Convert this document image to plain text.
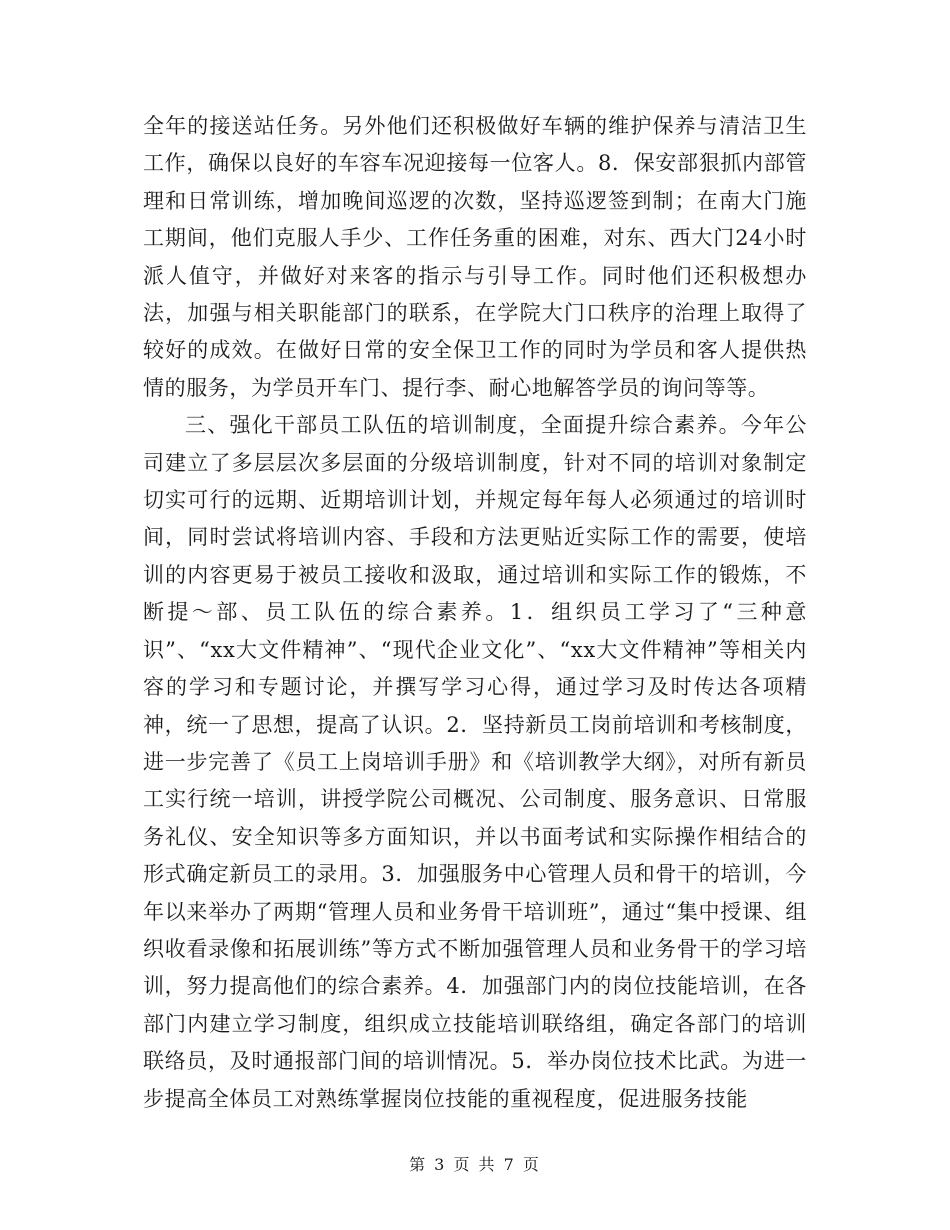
全年的接送站任务。另外他们还积极做好车辆的维护保养与清洁卫生工作，确保以良好的车容车况迎接每一位客人。8．保安部狠抓内部管理和日常训练，增加晚间巡逻的次数，坚持巡逻签到制；在南大门施工期间，他们克服人手少、工作任务重的困难，对东、西大门24小时派人值守，并做好对来客的指示与引导工作。同时他们还积极想办法，加强与相关职能部门的联系，在学院大门口秩序的治理上取得了较好的成效。在做好日常的安全保卫工作的同时为学员和客人提供热情的服务，为学员开车门、提行李、耐心地解答学员的询问等等。

三、强化干部员工队伍的培训制度，全面提升综合素养。今年公司建立了多层层次多层面的分级培训制度，针对不同的培训对象制定切实可行的远期、近期培训计划，并规定每年每人必须通过的培训时间，同时尝试将培训内容、手段和方法更贴近实际工作的需要，使培训的内容更易于被员工接收和汲取，通过培训和实际工作的锻炼，不断提～部、员工队伍的综合素养。1．组织员工学习了“三种意识”、“xx大文件精神”、“现代企业文化”、“xx大文件精神”等相关内容的学习和专题讨论，并撰写学习心得，通过学习及时传达各项精神，统一了思想，提高了认识。2．坚持新员工岗前培训和考核制度，进一步完善了《员工上岗培训手册》和《培训教学大纲》，对所有新员工实行统一培训，讲授学院公司概况、公司制度、服务意识、日常服务礼仪、安全知识等多方面知识，并以书面考试和实际操作相结合的形式确定新员工的录用。3．加强服务中心管理人员和骨干的培训，今年以来举办了两期“管理人员和业务骨干培训班”，通过“集中授课、组织收看录像和拓展训练”等方式不断加强管理人员和业务骨干的学习培训，努力提高他们的综合素养。4．加强部门内的岗位技能培训，在各部门内建立学习制度，组织成立技能培训联络组，确定各部门的培训联络员，及时通报部门间的培训情况。5．举办岗位技术比武。为进一步提高全体员工对熟练掌握岗位技能的重视程度，促进服务技能

第 3 页 共 7 页
